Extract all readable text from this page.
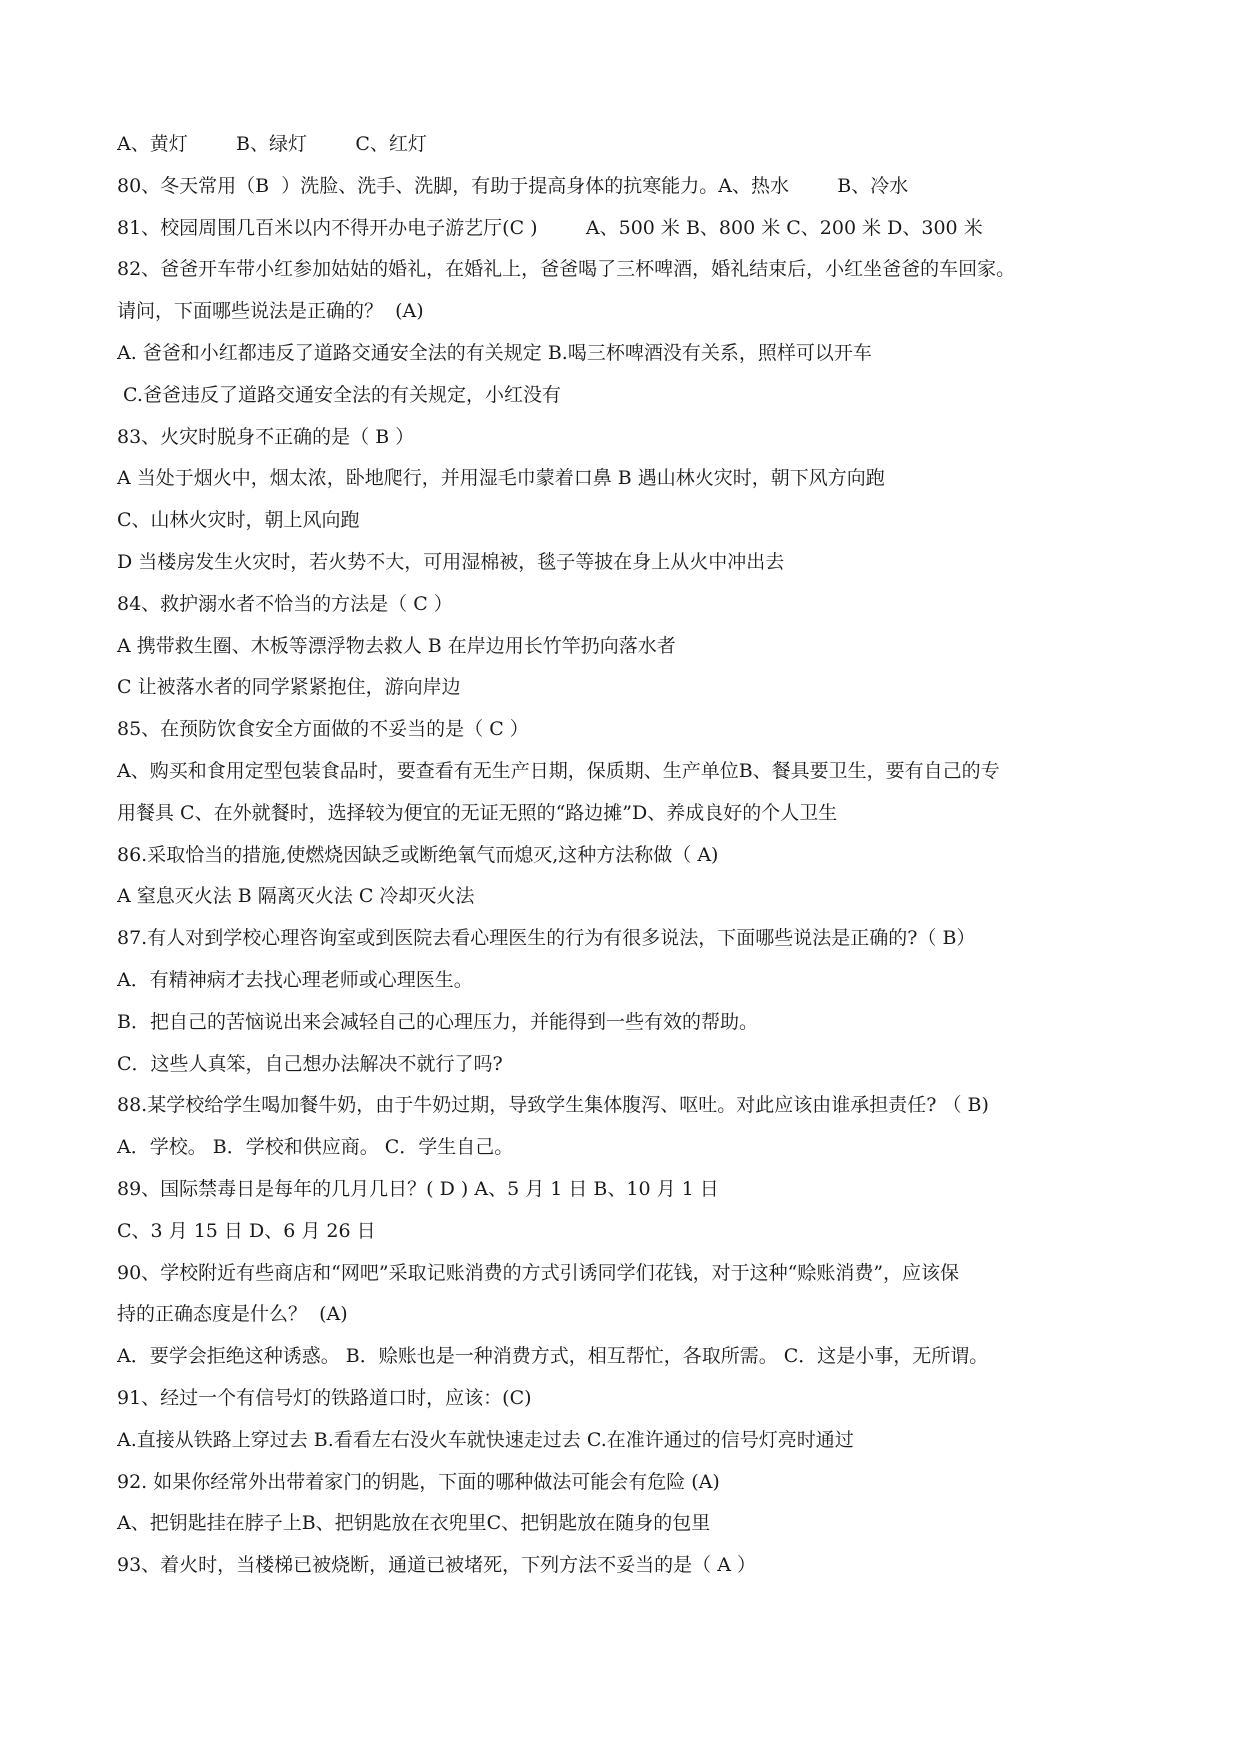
A、黄灯        B、绿灯        C、红灯
80、冬天常用（B  ）洗脸、洗手、洗脚，有助于提高身体的抗寒能力。A、热水        B、冷水
81、校园周围几百米以内不得开办电子游艺厅(C )        A、500 米 B、800 米 C、200 米 D、300 米
82、爸爸开车带小红参加姑姑的婚礼，在婚礼上，爸爸喝了三杯啤酒，婚礼结束后，小红坐爸爸的车回家。
请问，下面哪些说法是正确的？  (A)
A. 爸爸和小红都违反了道路交通安全法的有关规定 B.喝三杯啤酒没有关系，照样可以开车
C.爸爸违反了道路交通安全法的有关规定，小红没有
83、火灾时脱身不正确的是（ B ）
A 当处于烟火中，烟太浓，卧地爬行，并用湿毛巾蒙着口鼻 B 遇山林火灾时，朝下风方向跑
C、山林火灾时，朝上风向跑
D 当楼房发生火灾时，若火势不大，可用湿棉被，毯子等披在身上从火中冲出去
84、救护溺水者不恰当的方法是（ C ）
A 携带救生圈、木板等漂浮物去救人 B 在岸边用长竹竿扔向落水者
C 让被落水者的同学紧紧抱住，游向岸边
85、在预防饮食安全方面做的不妥当的是（ C ）
A、购买和食用定型包装食品时，要查看有无生产日期，保质期、生产单位B、餐具要卫生，要有自己的专
用餐具 C、在外就餐时，选择较为便宜的无证无照的“路边摊”D、养成良好的个人卫生
86.采取恰当的措施,使燃烧因缺乏或断绝氧气而熄灭,这种方法称做（ A)
A 窒息灭火法 B 隔离灭火法 C 冷却灭火法
87.有人对到学校心理咨询室或到医院去看心理医生的行为有很多说法，下面哪些说法是正确的?（ B）
A．有精神病才去找心理老师或心理医生。
B．把自己的苦恼说出来会减轻自己的心理压力，并能得到一些有效的帮助。
C．这些人真笨，自己想办法解决不就行了吗?
88.某学校给学生喝加餐牛奶，由于牛奶过期，导致学生集体腹泻、呕吐。对此应该由谁承担责任? （ B)
A．学校。 B．学校和供应商。 C．学生自己。
89、国际禁毒日是每年的几月几日？( D ) A、5 月 1 日 B、10 月 1 日
C、3 月 15 日 D、6 月 26 日
90、学校附近有些商店和“网吧”采取记账消费的方式引诱同学们花钱，对于这种“赊账消费”，应该保
持的正确态度是什么？  (A)
A．要学会拒绝这种诱惑。 B．赊账也是一种消费方式，相互帮忙，各取所需。 C．这是小事，无所谓。
91、经过一个有信号灯的铁路道口时，应该：(C)
A.直接从铁路上穿过去 B.看看左右没火车就快速走过去 C.在准许通过的信号灯亮时通过
92. 如果你经常外出带着家门的钥匙，下面的哪种做法可能会有危险 (A)
A、把钥匙挂在脖子上B、把钥匙放在衣兜里C、把钥匙放在随身的包里
93、着火时，当楼梯已被烧断，通道已被堵死，下列方法不妥当的是（ A ）
